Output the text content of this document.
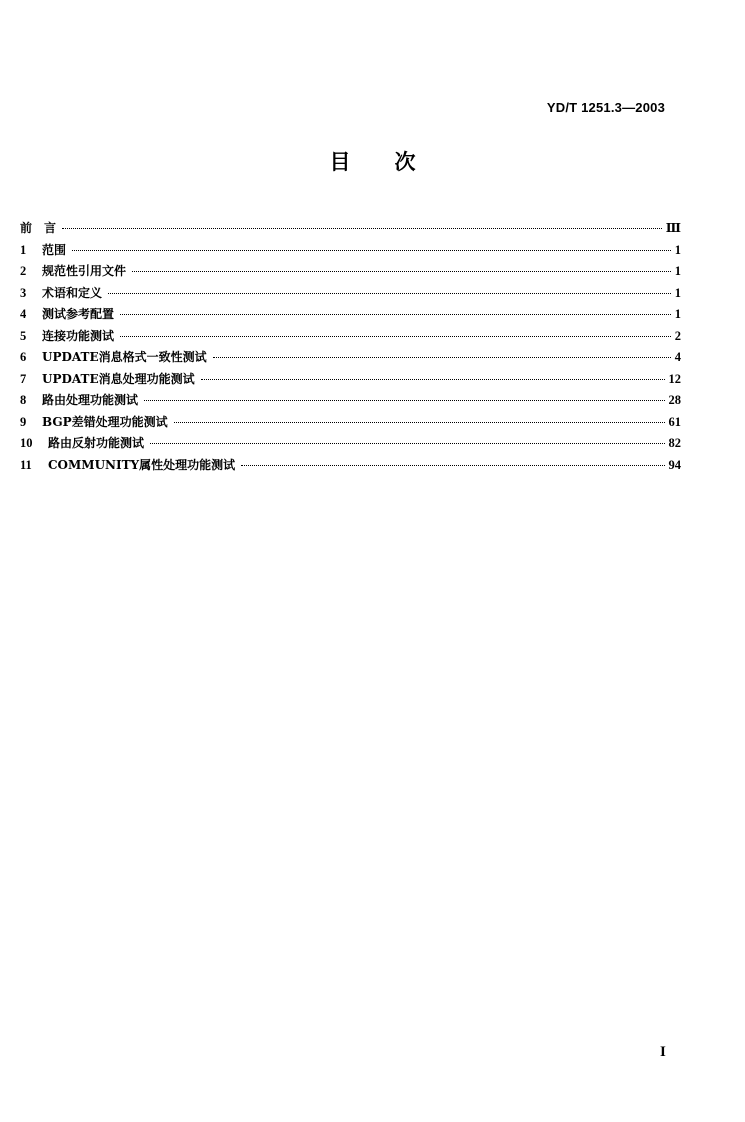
YD/T 1251.3—2003
目 次
前　言	Ⅲ
1	范围	1
2	规范性引用文件	1
3	术语和定义	1
4	测试参考配置	1
5	连接功能测试	2
6	UPDATE消息格式一致性测试	4
7	UPDATE消息处理功能测试	12
8	路由处理功能测试	28
9	BGP差错处理功能测试	61
10	路由反射功能测试	82
11	COMMUNITY属性处理功能测试	94
I
